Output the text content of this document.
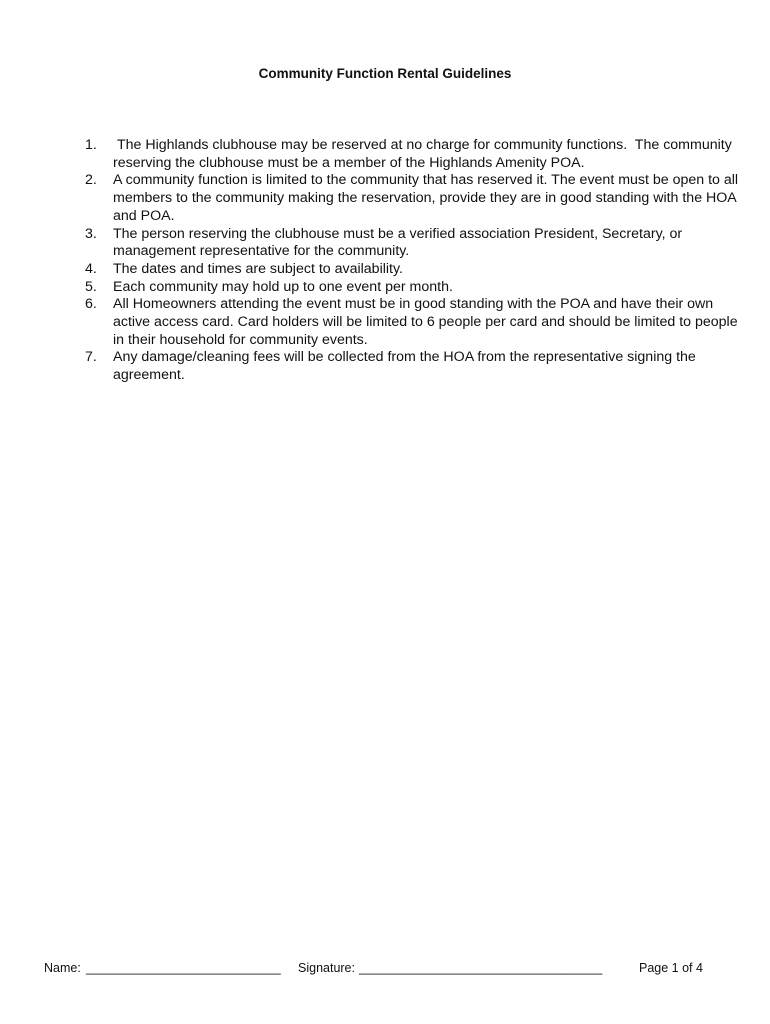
Community Function Rental Guidelines
1. The Highlands clubhouse may be reserved at no charge for community functions.  The community reserving the clubhouse must be a member of the Highlands Amenity POA.
2. A community function is limited to the community that has reserved it. The event must be open to all members to the community making the reservation, provide they are in good standing with the HOA and POA.
3. The person reserving the clubhouse must be a verified association President, Secretary, or management representative for the community.
4. The dates and times are subject to availability.
5. Each community may hold up to one event per month.
6. All Homeowners attending the event must be in good standing with the POA and have their own active access card. Card holders will be limited to 6 people per card and should be limited to people in their household for community events.
7. Any damage/cleaning fees will be collected from the HOA from the representative signing the agreement.
Name: ____________________________ Signature: ___________________________________	Page 1 of 4
